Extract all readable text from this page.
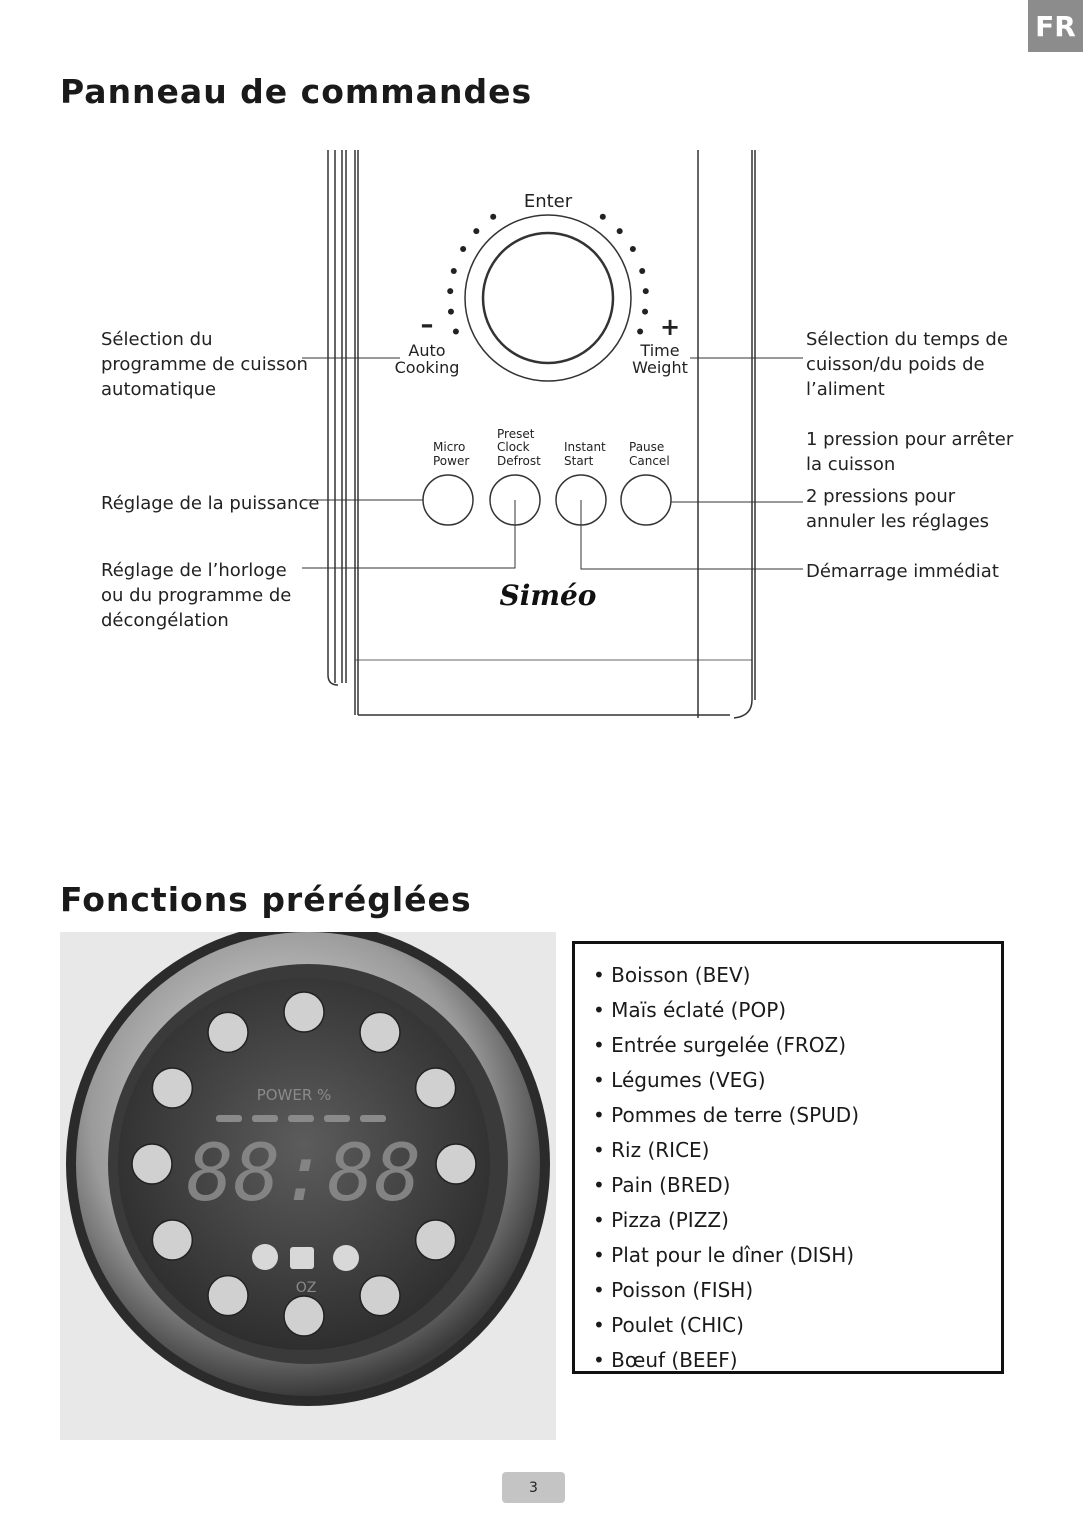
FR
Panneau de commandes
Sélection du
programme de cuisson
automatique
Réglage de la puissance
Réglage de l’horloge
ou du programme de
décongélation
Sélection du temps de
cuisson/du poids de
l’aliment
1 pression pour arrêter
la cuisson
2 pressions pour
annuler les réglages
Démarrage immédiat
Enter
–	+
Auto
Cooking
Time
Weight
Micro
Power
Preset
Clock
Defrost
Instant
Start
Pause
Cancel
Siméo
Fonctions préréglées
POWER %
88:88
OZ
• Boisson (BEV)
• Maïs éclaté (POP)
• Entrée surgelée (FROZ)
• Légumes (VEG)
• Pommes de terre (SPUD)
• Riz (RICE)
• Pain (BRED)
• Pizza (PIZZ)
• Plat pour le dîner (DISH)
• Poisson (FISH)
• Poulet (CHIC)
• Bœuf (BEEF)
3
